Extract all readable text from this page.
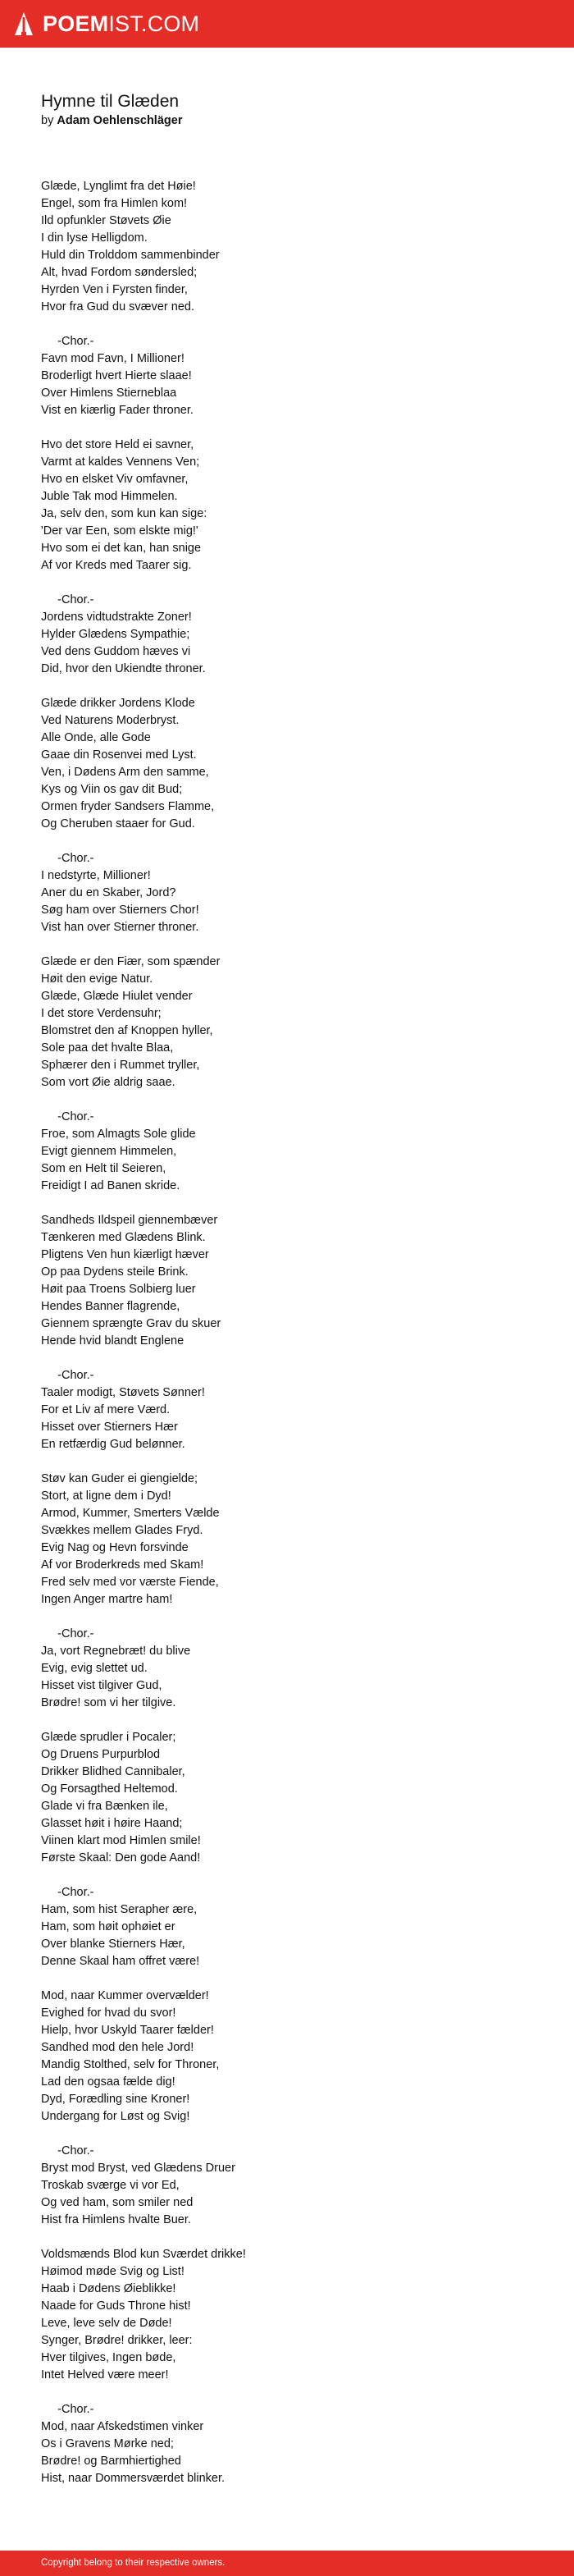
POEMIST.COM
Hymne til Glæden

by Adam Oehlenschläger

Glæde, Lynglimt fra det Høie!
Engel, som fra Himlen kom!
Ild opfunkler Støvets Øie
I din lyse Helligdom.
Huld din Trolddom sammenbinder
Alt, hvad Fordom søndersled;
Hyrden Ven i Fyrsten finder,
Hvor fra Gud du svæver ned.

-Chor.-
Favn mod Favn, I Millioner!
Broderligt hvert Hierte slaae!
Over Himlens Stierneblaa
Vist en kiærlig Fader throner.

Hvo det store Held ei savner,
Varmt at kaldes Vennens Ven;
Hvo en elsket Viv omfavner,
Juble Tak mod Himmelen.
Ja, selv den, som kun kan sige:
'Der var Een, som elskte mig!'
Hvo som ei det kan, han snige
Af vor Kreds med Taarer sig.

-Chor.-
Jordens vidtudstrakte Zoner!
Hylder Glædens Sympathie;
Ved dens Guddom hæves vi
Did, hvor den Ukiendte throner.

Glæde drikker Jordens Klode
Ved Naturens Moderbryst.
Alle Onde, alle Gode
Gaae din Rosenvei med Lyst.
Ven, i Dødens Arm den samme,
Kys og Viin os gav dit Bud;
Ormen fryder Sandsers Flamme,
Og Cheruben staaer for Gud.

-Chor.-
I nedstyrte, Millioner!
Aner du en Skaber, Jord?
Søg ham over Stierners Chor!
Vist han over Stierner throner.

Glæde er den Fiær, som spænder
Høit den evige Natur.
Glæde, Glæde Hiulet vender
I det store Verdensuhr;
Blomstret den af Knoppen hyller,
Sole paa det hvalte Blaa,
Sphærer den i Rummet tryller,
Som vort Øie aldrig saae.

-Chor.-
Froe, som Almagts Sole glide
Evigt giennem Himmelen,
Som en Helt til Seieren,
Freidigt I ad Banen skride.

Sandheds Ildspeil giennembæver
Tænkeren med Glædens Blink.
Pligtens Ven hun kiærligt hæver
Op paa Dydens steile Brink.
Høit paa Troens Solbierg luer
Hendes Banner flagrende,
Giennem sprængte Grav du skuer
Hende hvid blandt Englene

-Chor.-
Taaler modigt, Støvets Sønner!
For et Liv af mere Værd.
Hisset over Stierners Hær
En retfærdig Gud belønner.

Støv kan Guder ei giengielde;
Stort, at ligne dem i Dyd!
Armod, Kummer, Smerters Vælde
Svækkes mellem Glades Fryd.
Evig Nag og Hevn forsvinde
Af vor Broderkreds med Skam!
Fred selv med vor værste Fiende,
Ingen Anger martre ham!

-Chor.-
Ja, vort Regnebræt! du blive
Evig, evig slettet ud.
Hisset vist tilgiver Gud,
Brødre! som vi her tilgive.

Glæde sprudler i Pocaler;
Og Druens Purpurblod
Drikker Blidhed Cannibaler,
Og Forsagthed Heltemod.
Glade vi fra Bænken ile,
Glasset høit i høire Haand;
Viinen klart mod Himlen smile!
Første Skaal: Den gode Aand!

-Chor.-
Ham, som hist Serapher ære,
Ham, som høit ophøiet er
Over blanke Stierners Hær,
Denne Skaal ham offret være!

Mod, naar Kummer overvælder!
Evighed for hvad du svor!
Hielp, hvor Uskyld Taarer fælder!
Sandhed mod den hele Jord!
Mandig Stolthed, selv for Throner,
Lad den ogsaa fælde dig!
Dyd, Forædling sine Kroner!
Undergang for Løst og Svig!

-Chor.-
Bryst mod Bryst, ved Glædens Druer
Troskab sværge vi vor Ed,
Og ved ham, som smiler ned
Hist fra Himlens hvalte Buer.

Voldsmænds Blod kun Sværdet drikke!
Høimod møde Svig og List!
Haab i Dødens Øieblikke!
Naade for Guds Throne hist!
Leve, leve selv de Døde!
Synger, Brødre! drikker, leer:
Hver tilgives, Ingen bøde,
Intet Helved være meer!

-Chor.-
Mod, naar Afskedstimen vinker
Os i Gravens Mørke ned;
Brødre! og Barmhiertighed
Hist, naar Dommersværdet blinker.
Copyright belong to their respective owners.
